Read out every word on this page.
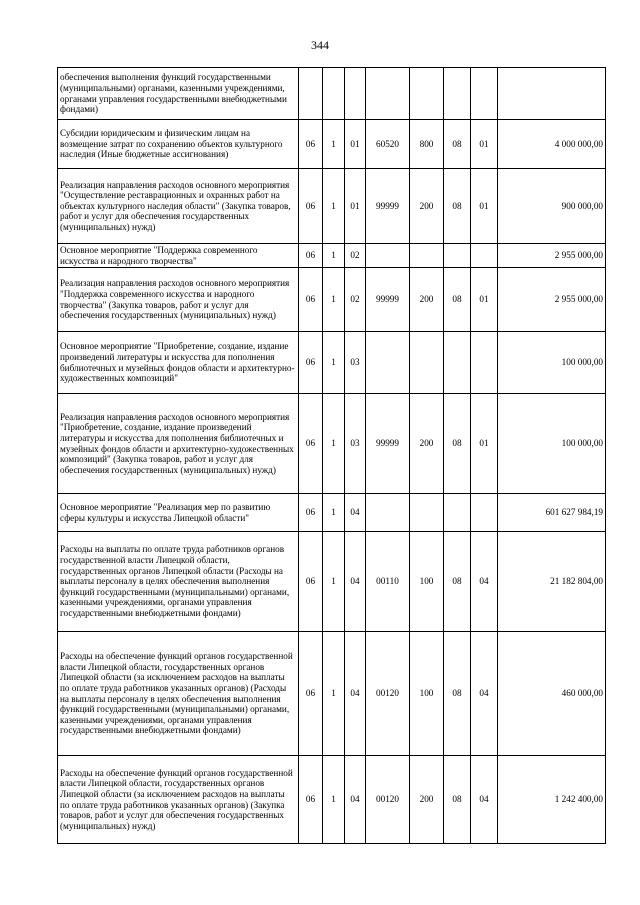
344
обеспечения выполнения функций государственными (муниципальными) органами, казенными учреждениями, органами управления государственными внебюджетными фондами)								
Субсидии юридическим и физическим лицам на возмещение затрат по сохранению объектов культурного наследия (Иные бюджетные ассигнования)	06	1	01	60520	800	08	01	4 000 000,00
Реализация направления расходов основного мероприятия "Осуществление реставрационных и охранных работ на объектах культурного наследия области" (Закупка товаров, работ и услуг для обеспечения государственных (муниципальных) нужд)	06	1	01	99999	200	08	01	900 000,00
Основное мероприятие "Поддержка современного искусства и народного творчества"	06	1	02					2 955 000,00
Реализация направления расходов основного мероприятия "Поддержка современного искусства и народного творчества" (Закупка товаров, работ и услуг для обеспечения государственных (муниципальных) нужд)	06	1	02	99999	200	08	01	2 955 000,00
Основное мероприятие "Приобретение, создание, издание произведений литературы и искусства для пополнения библиотечных и музейных фондов области и архитектурно-художественных композиций"	06	1	03					100 000,00
Реализация направления расходов основного мероприятия "Приобретение, создание, издание произведений литературы и искусства для пополнения библиотечных и музейных фондов области и архитектурно-художественных композиций" (Закупка товаров, работ и услуг для обеспечения государственных (муниципальных) нужд)	06	1	03	99999	200	08	01	100 000,00
Основное мероприятие "Реализация мер по развитию сферы культуры и искусства Липецкой области"	06	1	04					601 627 984,19
Расходы на выплаты по оплате труда работников органов государственной власти Липецкой области, государственных органов Липецкой области (Расходы на выплаты персоналу в целях обеспечения выполнения функций государственными (муниципальными) органами, казенными учреждениями, органами управления государственными внебюджетными фондами)	06	1	04	00110	100	08	04	21 182 804,00
Расходы на обеспечение функций органов государственной власти Липецкой области, государственных органов Липецкой области (за исключением расходов на выплаты по оплате труда работников указанных органов) (Расходы на выплаты персоналу в целях обеспечения выполнения функций государственными (муниципальными) органами, казенными учреждениями, органами управления государственными внебюджетными фондами)	06	1	04	00120	100	08	04	460 000,00
Расходы на обеспечение функций органов государственной власти Липецкой области, государственных органов Липецкой области (за исключением расходов на выплаты по оплате труда работников указанных органов) (Закупка товаров, работ и услуг для обеспечения государственных (муниципальных) нужд)	06	1	04	00120	200	08	04	1 242 400,00
